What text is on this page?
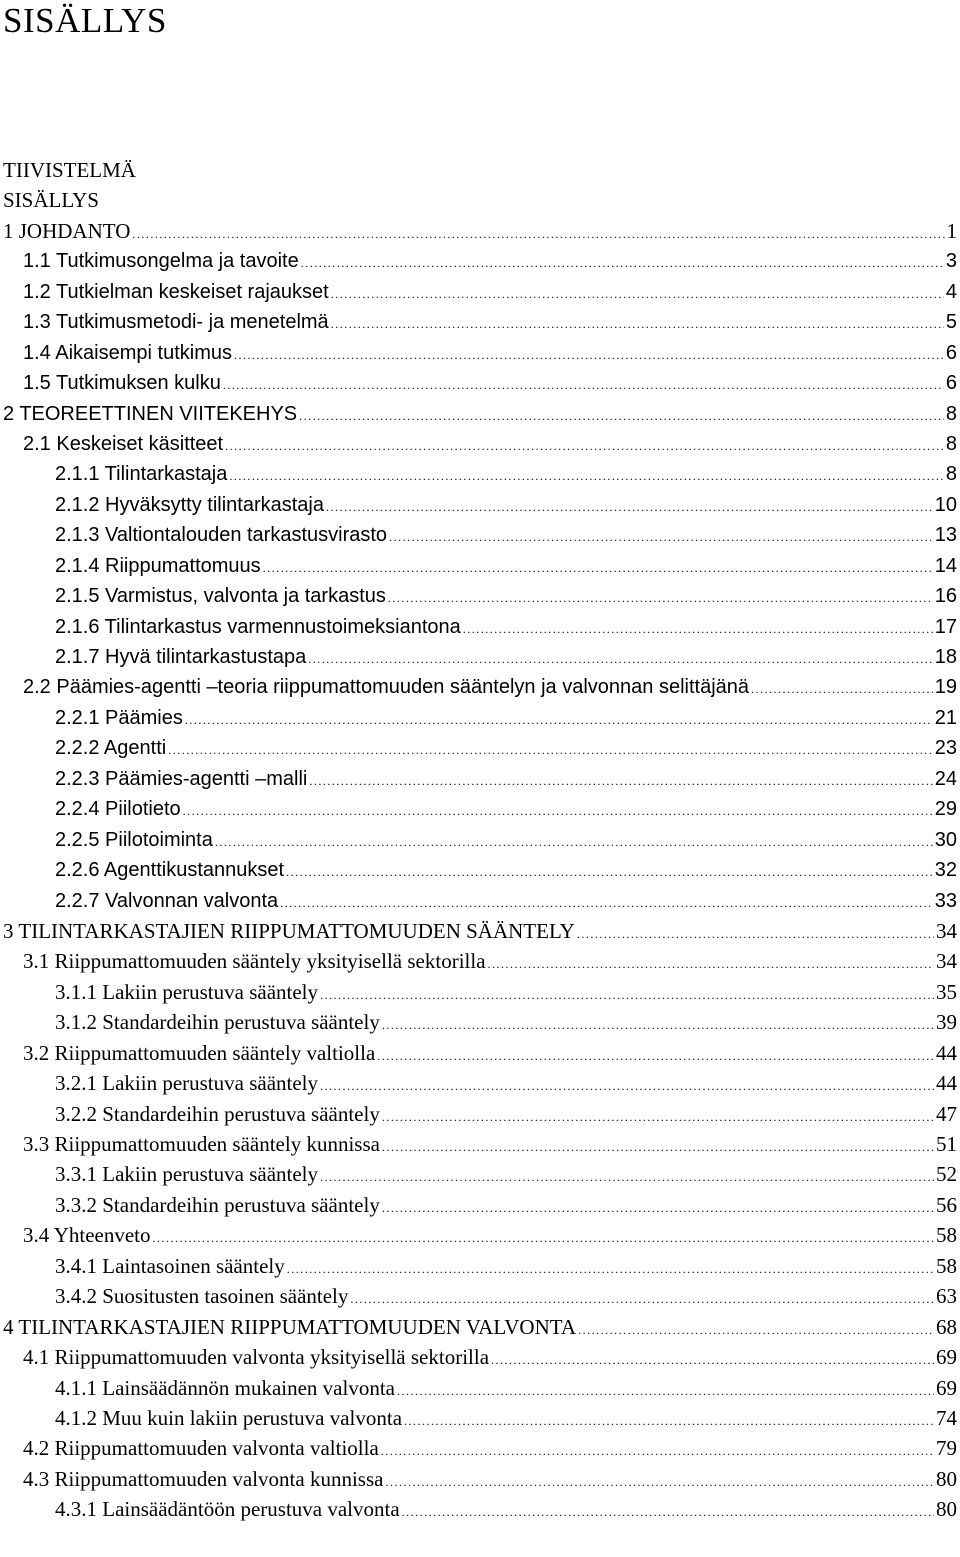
SISÄLLYS
TIIVISTELMÄ
SISÄLLYS
1 JOHDANTO .....	1
1.1 Tutkimusongelma ja tavoite .....	3
1.2 Tutkielman keskeiset rajaukset .....	4
1.3 Tutkimusmetodi- ja menetelmä .....	5
1.4 Aikaisempi tutkimus .....	6
1.5 Tutkimuksen kulku .....	6
2 TEOREETTINEN VIITEKEHYS .....	8
2.1 Keskeiset käsitteet .....	8
2.1.1 Tilintarkastaja .....	8
2.1.2 Hyväksytty tilintarkastaja .....	10
2.1.3 Valtiontalouden tarkastusvirasto .....	13
2.1.4 Riippumattomuus .....	14
2.1.5 Varmistus, valvonta ja tarkastus .....	16
2.1.6 Tilintarkastus varmennustoimeksiantona .....	17
2.1.7 Hyvä tilintarkastustapa .....	18
2.2 Päämies-agentti –teoria riippumattomuuden sääntelyn ja valvonnan selittäjänä .....	19
2.2.1 Päämies .....	21
2.2.2 Agentti .....	23
2.2.3 Päämies-agentti –malli .....	24
2.2.4 Piilotieto .....	29
2.2.5 Piilotoiminta .....	30
2.2.6 Agenttikustannukset .....	32
2.2.7 Valvonnan valvonta .....	33
3 TILINTARKASTAJIEN RIIPPUMATTOMUUDEN SÄÄNTELY .....	34
3.1 Riippumattomuuden sääntely yksityisellä sektorilla .....	34
3.1.1 Lakiin perustuva sääntely .....	35
3.1.2 Standardeihin perustuva sääntely .....	39
3.2 Riippumattomuuden sääntely valtiolla .....	44
3.2.1 Lakiin perustuva sääntely .....	44
3.2.2 Standardeihin perustuva sääntely .....	47
3.3 Riippumattomuuden sääntely kunnissa .....	51
3.3.1 Lakiin perustuva sääntely .....	52
3.3.2 Standardeihin perustuva sääntely .....	56
3.4 Yhteenveto .....	58
3.4.1 Laintasoinen sääntely .....	58
3.4.2 Suositusten tasoinen sääntely .....	63
4 TILINTARKASTAJIEN RIIPPUMATTOMUUDEN VALVONTA .....	68
4.1 Riippumattomuuden valvonta yksityisellä sektorilla .....	69
4.1.1 Lainsäädännön mukainen valvonta .....	69
4.1.2 Muu kuin lakiin perustuva valvonta .....	74
4.2 Riippumattomuuden valvonta valtiolla .....	79
4.3 Riippumattomuuden valvonta kunnissa .....	80
4.3.1 Lainsäädäntöön perustuva valvonta .....	80
